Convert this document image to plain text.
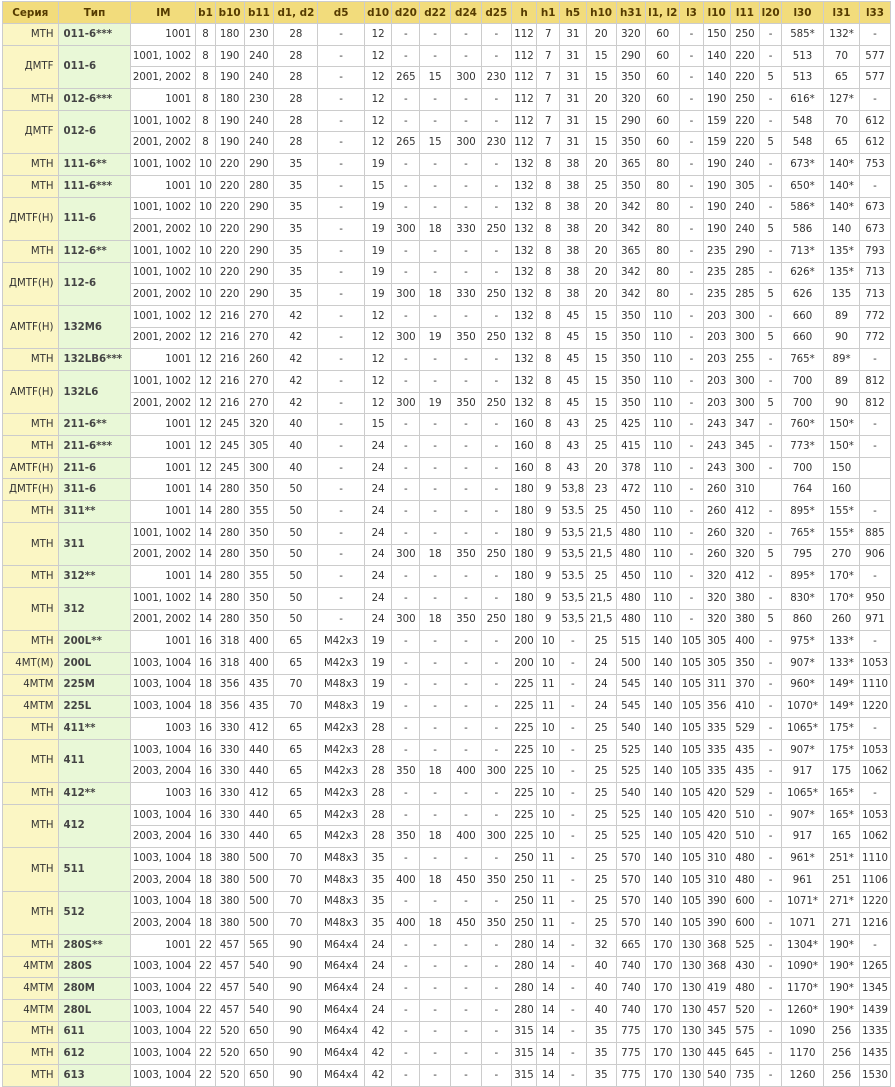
Серия	Тип	IM	b1	b10	b11	d1, d2	d5	d10	d20	d22	d24	d25	h	h1	h5	h10	h31	l1, l2	l3	l10	l11	l20	l30	l31	l33
MTH	011-6***	1001	8	180	230	28	-	12	-	-	-	-	112	7	31	20	320	60	-	150	250	-	585*	132*	-
ДМТF	011-6	1001, 1002	8	190	240	28	-	12	-	-	-	-	112	7	31	15	290	60	-	140	220	-	513	70	577
		2001, 2002	8	190	240	28	-	12	265	15	300	230	112	7	31	15	350	60	-	140	220	5	513	65	577
MTH	012-6***	1001	8	180	230	28	-	12	-	-	-	-	112	7	31	20	320	60	-	190	250	-	616*	127*	-
ДМТF	012-6	1001, 1002	8	190	240	28	-	12	-	-	-	-	112	7	31	15	290	60	-	159	220	-	548	70	612
		2001, 2002	8	190	240	28	-	12	265	15	300	230	112	7	31	15	350	60	-	159	220	5	548	65	612
MTH	111-6**	1001, 1002	10	220	290	35	-	19	-	-	-	-	132	8	38	20	365	80	-	190	240	-	673*	140*	753
MTH	111-6***	1001	10	220	280	35	-	15	-	-	-	-	132	8	38	25	350	80	-	190	305	-	650*	140*	-
ДМТF(Н)	111-6	1001, 1002	10	220	290	35	-	19	-	-	-	-	132	8	38	20	342	80	-	190	240	-	586*	140*	673
		2001, 2002	10	220	290	35	-	19	300	18	330	250	132	8	38	20	342	80	-	190	240	5	586	140	673
MTH	112-6**	1001, 1002	10	220	290	35	-	19	-	-	-	-	132	8	38	20	365	80	-	235	290	-	713*	135*	793
ДМТF(Н)	112-6	1001, 1002	10	220	290	35	-	19	-	-	-	-	132	8	38	20	342	80	-	235	285	-	626*	135*	713
		2001, 2002	10	220	290	35	-	19	300	18	330	250	132	8	38	20	342	80	-	235	285	5	626	135	713
AMTF(Н)	132M6	1001, 1002	12	216	270	42	-	12	-	-	-	-	132	8	45	15	350	110	-	203	300	-	660	89	772
		2001, 2002	12	216	270	42	-	12	300	19	350	250	132	8	45	15	350	110	-	203	300	5	660	90	772
MTH	132LB6***	1001	12	216	260	42	-	12	-	-	-	-	132	8	45	15	350	110	-	203	255	-	765*	89*	-
AMTF(Н)	132L6	1001, 1002	12	216	270	42	-	12	-	-	-	-	132	8	45	15	350	110	-	203	300	-	700	89	812
		2001, 2002	12	216	270	42	-	12	300	19	350	250	132	8	45	15	350	110	-	203	300	5	700	90	812
MTH	211-6**	1001	12	245	320	40	-	15	-	-	-	-	160	8	43	25	425	110	-	243	347	-	760*	150*	-
MTH	211-6***	1001	12	245	305	40	-	24	-	-	-	-	160	8	43	25	415	110	-	243	345	-	773*	150*	-
AMTF(Н)	211-6	1001	12	245	300	40	-	24	-	-	-	-	160	8	43	20	378	110	-	243	300	-	700	150	
ДМТF(Н)	311-6	1001	14	280	350	50	-	24	-	-	-	-	180	9	53,8	23	472	110	-	260	310		764	160	
MTH	311**	1001	14	280	355	50	-	24	-	-	-	-	180	9	53.5	25	450	110	-	260	412	-	895*	155*	-
MTH	311	1001, 1002	14	280	350	50	-	24	-	-	-	-	180	9	53,5	21,5	480	110	-	260	320	-	765*	155*	885
		2001, 2002	14	280	350	50	-	24	300	18	350	250	180	9	53,5	21,5	480	110	-	260	320	5	795	270	906
MTH	312**	1001	14	280	355	50	-	24	-	-	-	-	180	9	53.5	25	450	110	-	320	412	-	895*	170*	-
MTH	312	1001, 1002	14	280	350	50	-	24	-	-	-	-	180	9	53,5	21,5	480	110	-	320	380	-	830*	170*	950
		2001, 2002	14	280	350	50	-	24	300	18	350	250	180	9	53,5	21,5	480	110	-	320	380	5	860	260	971
MTH	200L**	1001	16	318	400	65	M42x3	19	-	-	-	-	200	10	-	25	515	140	105	305	400	-	975*	133*	-
4MT(M)	200L	1003, 1004	16	318	400	65	M42x3	19	-	-	-	-	200	10	-	24	500	140	105	305	350	-	907*	133*	1053
4MTM	225M	1003, 1004	18	356	435	70	M48x3	19	-	-	-	-	225	11	-	24	545	140	105	311	370	-	960*	149*	1110
4MTM	225L	1003, 1004	18	356	435	70	M48x3	19	-	-	-	-	225	11	-	24	545	140	105	356	410	-	1070*	149*	1220
MTH	411**	1003	16	330	412	65	M42x3	28	-	-	-	-	225	10	-	25	540	140	105	335	529	-	1065*	175*	-
MTH	411	1003, 1004	16	330	440	65	M42x3	28	-	-	-	-	225	10	-	25	525	140	105	335	435	-	907*	175*	1053
		2003, 2004	16	330	440	65	M42x3	28	350	18	400	300	225	10	-	25	525	140	105	335	435	-	917	175	1062
MTH	412**	1003	16	330	412	65	M42x3	28	-	-	-	-	225	10	-	25	540	140	105	420	529	-	1065*	165*	-
MTH	412	1003, 1004	16	330	440	65	M42x3	28	-	-	-	-	225	10	-	25	525	140	105	420	510	-	907*	165*	1053
		2003, 2004	16	330	440	65	M42x3	28	350	18	400	300	225	10	-	25	525	140	105	420	510	-	917	165	1062
MTH	511	1003, 1004	18	380	500	70	M48x3	35	-	-	-	-	250	11	-	25	570	140	105	310	480	-	961*	251*	1110
		2003, 2004	18	380	500	70	M48x3	35	400	18	450	350	250	11	-	25	570	140	105	310	480	-	961	251	1106
MTH	512	1003, 1004	18	380	500	70	M48x3	35	-	-	-	-	250	11	-	25	570	140	105	390	600	-	1071*	271*	1220
		2003, 2004	18	380	500	70	M48x3	35	400	18	450	350	250	11	-	25	570	140	105	390	600	-	1071	271	1216
MTH	280S**	1001	22	457	565	90	M64x4	24	-	-	-	-	280	14	-	32	665	170	130	368	525	-	1304*	190*	-
4MTM	280S	1003, 1004	22	457	540	90	M64x4	24	-	-	-	-	280	14	-	40	740	170	130	368	430	-	1090*	190*	1265
4MTM	280M	1003, 1004	22	457	540	90	M64x4	24	-	-	-	-	280	14	-	40	740	170	130	419	480	-	1170*	190*	1345
4MTM	280L	1003, 1004	22	457	540	90	M64x4	24	-	-	-	-	280	14	-	40	740	170	130	457	520	-	1260*	190*	1439
MTH	611	1003, 1004	22	520	650	90	M64x4	42	-	-	-	-	315	14	-	35	775	170	130	345	575	-	1090	256	1335
MTH	612	1003, 1004	22	520	650	90	M64x4	42	-	-	-	-	315	14	-	35	775	170	130	445	645	-	1170	256	1435
MTH	613	1003, 1004	22	520	650	90	M64x4	42	-	-	-	-	315	14	-	35	775	170	130	540	735	-	1260	256	1530
